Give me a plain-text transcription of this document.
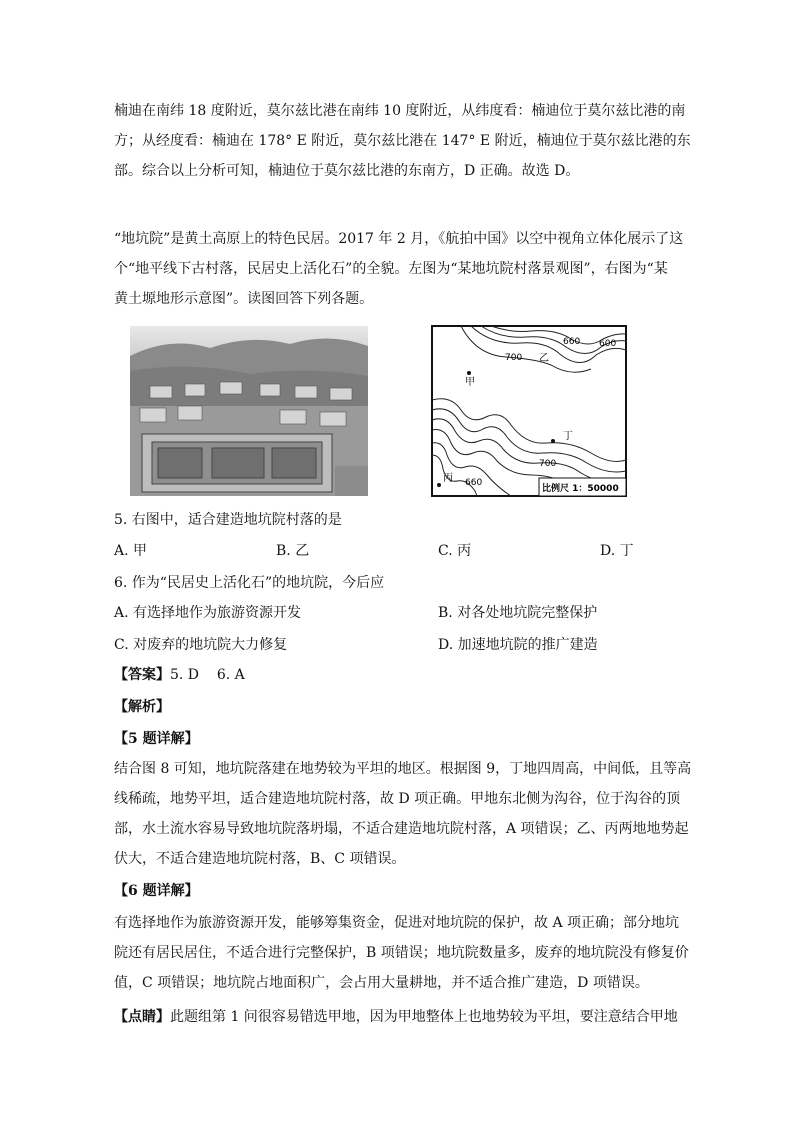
楠迪在南纬 18 度附近，莫尔兹比港在南纬 10 度附近，从纬度看：楠迪位于莫尔兹比港的南
方；从经度看：楠迪在 178° E 附近，莫尔兹比港在 147° E 附近，楠迪位于莫尔兹比港的东
部。综合以上分析可知，楠迪位于莫尔兹比港的东南方，D 正确。故选 D。
“地坑院”是黄土高原上的特色民居。2017 年 2 月，《航拍中国》以空中视角立体化展示了这
个“地平线下古村落，民居史上活化石”的全貌。左图为“某地坑院村落景观图”，右图为“某
黄土塬地形示意图”。读图回答下列各题。
660 600
700
700
660
乙
甲
丁
丙
比例尺 1：50000
5. 右图中，适合建造地坑院村落的是
A. 甲	B. 乙	C. 丙	D. 丁
6. 作为“民居史上活化石”的地坑院，今后应
A. 有选择地作为旅游资源开发	B. 对各处地坑院完整保护
C. 对废弃的地坑院大力修复	D. 加速地坑院的推广建造
【答案】5. D    6. A
【解析】
【5 题详解】
结合图 8 可知，地坑院落建在地势较为平坦的地区。根据图 9，丁地四周高，中间低，且等高
线稀疏，地势平坦，适合建造地坑院村落，故 D 项正确。甲地东北侧为沟谷，位于沟谷的顶
部，水土流水容易导致地坑院落坍塌，不适合建造地坑院村落，A 项错误；乙、丙两地地势起
伏大，不适合建造地坑院村落，B、C 项错误。
【6 题详解】
有选择地作为旅游资源开发，能够筹集资金，促进对地坑院的保护，故 A 项正确；部分地坑
院还有居民居住，不适合进行完整保护，B 项错误；地坑院数量多，废弃的地坑院没有修复价
值，C 项错误；地坑院占地面积广，会占用大量耕地，并不适合推广建造，D 项错误。
【点睛】此题组第 1 问很容易错选甲地，因为甲地整体上也地势较为平坦，要注意结合甲地
